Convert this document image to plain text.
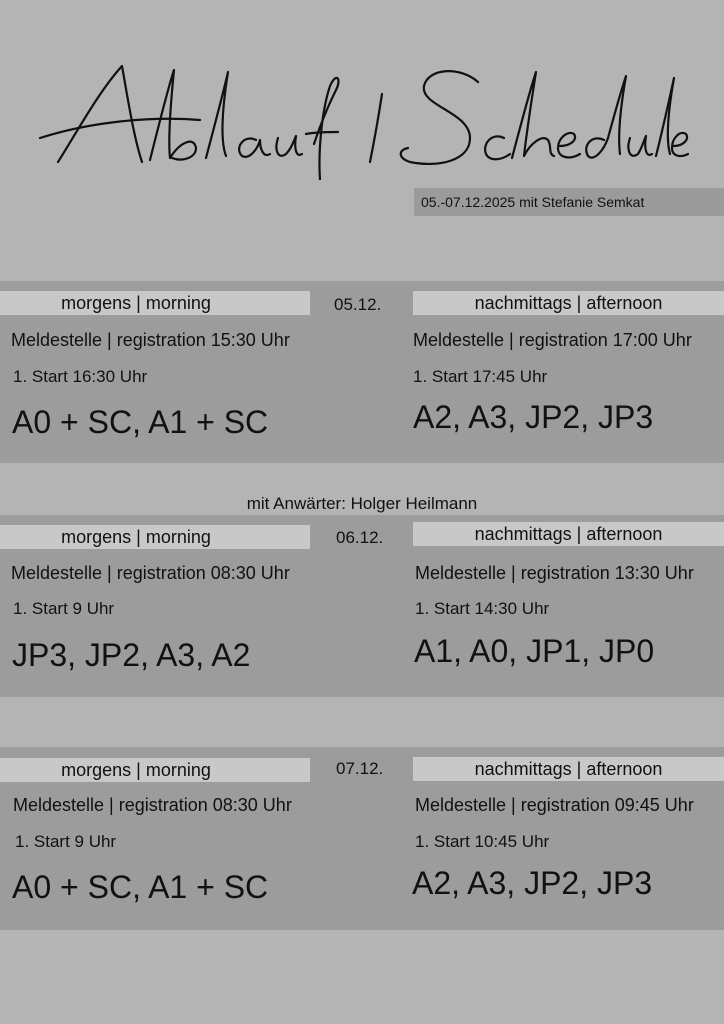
05.-07.12.2025 mit Stefanie Semkat
morgens | morning	nachmittags | afternoon
05.12.
Meldestelle | registration 15:30 Uhr	Meldestelle | registration 17:00 Uhr
1. Start 16:30 Uhr	1. Start 17:45 Uhr
A0 + SC, A1 + SC	A2, A3, JP2, JP3
mit Anwärter: Holger Heilmann
morgens | morning	nachmittags | afternoon
06.12.
Meldestelle | registration 08:30 Uhr	Meldestelle | registration 13:30 Uhr
1. Start 9 Uhr	1. Start 14:30 Uhr
JP3, JP2, A3, A2	A1, A0, JP1, JP0
morgens | morning	nachmittags | afternoon
07.12.
Meldestelle | registration 08:30 Uhr	Meldestelle | registration 09:45 Uhr
1. Start 9 Uhr	1. Start 10:45 Uhr
A0 + SC, A1 + SC	A2, A3, JP2, JP3
